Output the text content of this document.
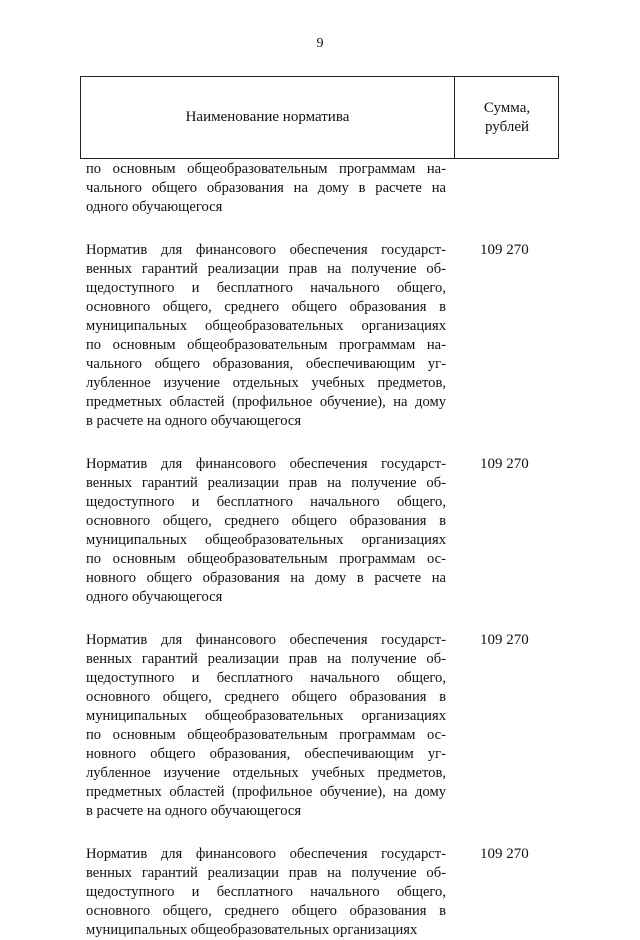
9
Наименование норматива
Сумма,
рублей
по основным общеобразовательным программам на-
чального общего образования на дому в расчете на
одного обучающегося
Норматив для финансового обеспечения государст-
венных гарантий реализации прав на получение об-
щедоступного и бесплатного начального общего,
основного общего, среднего общего образования в
муниципальных общеобразовательных организациях
по основным общеобразовательным программам на-
чального общего образования, обеспечивающим уг-
лубленное изучение отдельных учебных предметов,
предметных областей (профильное обучение), на дому
в расчете на одного обучающегося
109 270
Норматив для финансового обеспечения государст-
венных гарантий реализации прав на получение об-
щедоступного и бесплатного начального общего,
основного общего, среднего общего образования в
муниципальных общеобразовательных организациях
по основным общеобразовательным программам ос-
новного общего образования на дому в расчете на
одного обучающегося
109 270
Норматив для финансового обеспечения государст-
венных гарантий реализации прав на получение об-
щедоступного и бесплатного начального общего,
основного общего, среднего общего образования в
муниципальных общеобразовательных организациях
по основным общеобразовательным программам ос-
новного общего образования, обеспечивающим уг-
лубленное изучение отдельных учебных предметов,
предметных областей (профильное обучение), на дому
в расчете на одного обучающегося
109 270
Норматив для финансового обеспечения государст-
венных гарантий реализации прав на получение об-
щедоступного и бесплатного начального общего,
основного общего, среднего общего образования в
муниципальных общеобразовательных организациях
109 270
